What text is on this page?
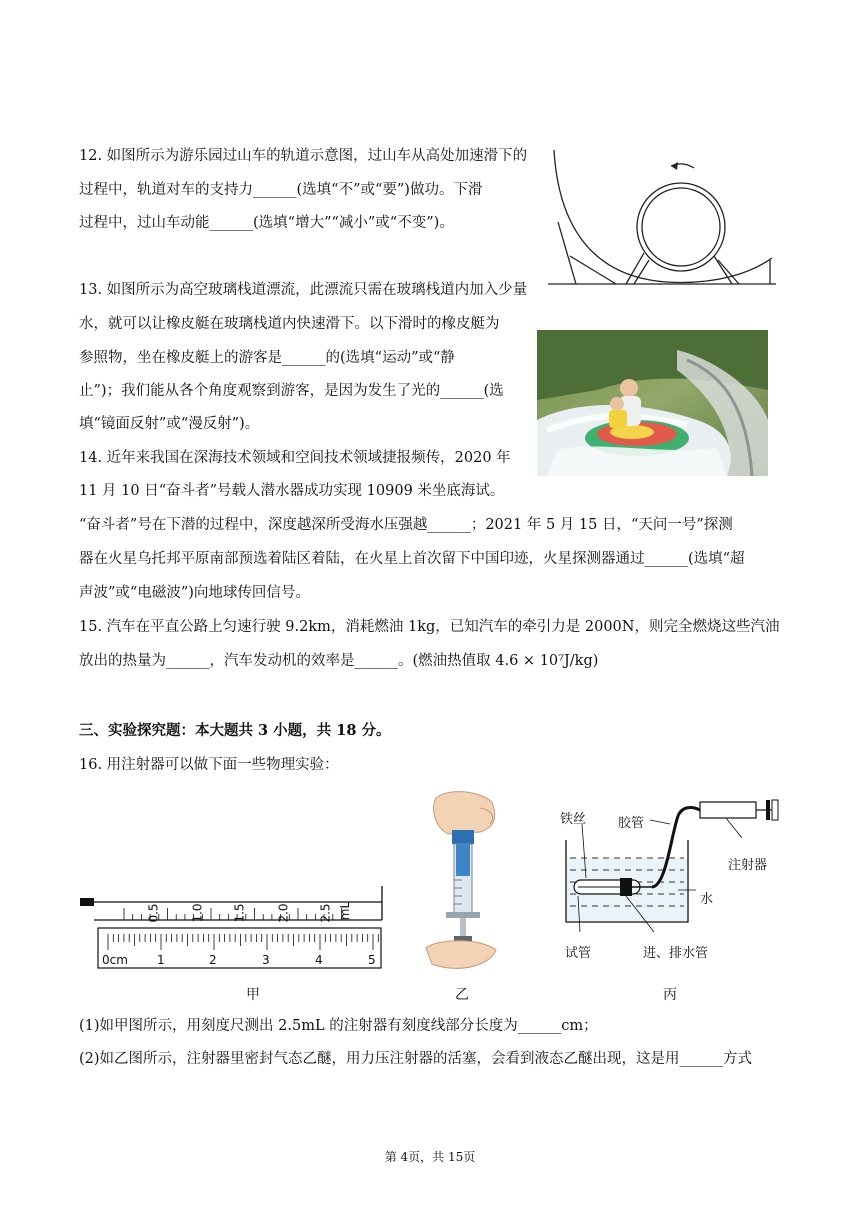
12. 如图所示为游乐园过山车的轨道示意图，过山车从高处加速滑下的
过程中，轨道对车的支持力______(选填“不”或“要”)做功。下滑
过程中，过山车动能______(选填“增大”“减小”或“不变”)。
13. 如图所示为高空玻璃栈道漂流，此漂流只需在玻璃栈道内加入少量
水，就可以让橡皮艇在玻璃栈道内快速滑下。以下滑时的橡皮艇为
参照物，坐在橡皮艇上的游客是______的(选填“运动”或“静
止”)；我们能从各个角度观察到游客，是因为发生了光的______(选
填“镜面反射”或“漫反射”)。
14. 近年来我国在深海技术领域和空间技术领域捷报频传，2020 年
11 月 10 日“奋斗者”号载人潜水器成功实现 10909 米坐底海试。
“奋斗者”号在下潜的过程中，深度越深所受海水压强越______；2021 年 5 月 15 日，“天问一号”探测
器在火星乌托邦平原南部预选着陆区着陆，在火星上首次留下中国印迹，火星探测器通过______(选填“超
声波”或“电磁波”)向地球传回信号。
15. 汽车在平直公路上匀速行驶 9.2km，消耗燃油 1kg，已知汽车的牵引力是 2000N，则完全燃烧这些汽油
放出的热量为______，汽车发动机的效率是______。(燃油热值取 4.6 × 10⁷J/kg)
三、实验探究题：本大题共 3 小题，共 18 分。
16. 用注射器可以做下面一些物理实验：
0cm 1	2	3	4	5
0.5	1.0 1.5	2.0 2.5 mL
甲	乙
铁丝 胶管
注射器
水
试管	进、排水管
丙
(1)如甲图所示，用刻度尺测出 2.5mL 的注射器有刻度线部分长度为______cm；
(2)如乙图所示，注射器里密封气态乙醚，用力压注射器的活塞，会看到液态乙醚出现，这是用______方式
第 4页，共 15页
